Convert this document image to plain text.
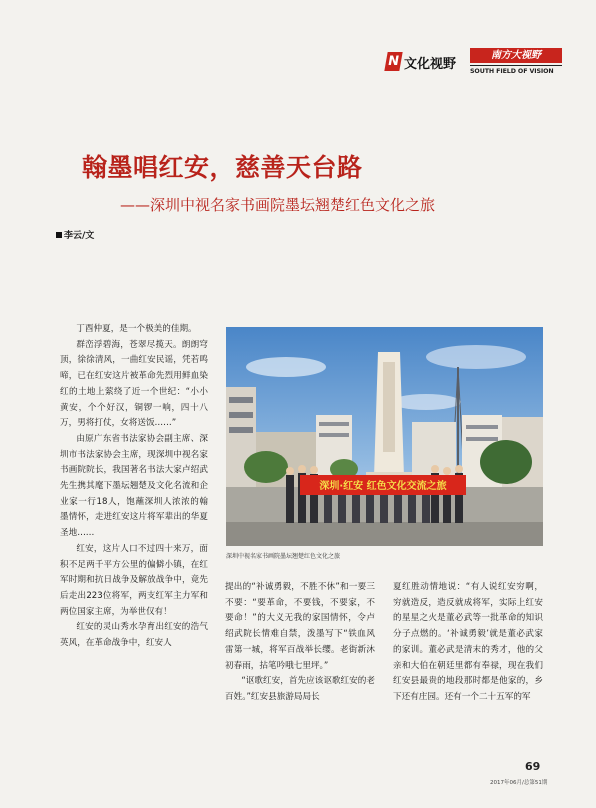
N 文化视野
南方大视野
SOUTH FIELD OF VISION
翰墨唱红安，慈善天台路
——深圳中视名家书画院墨坛翘楚红色文化之旅
李云/文

丁酉仲夏，是一个极美的佳期。

群峦浮碧海，苍翠尽揽天。朗朗穹顶，徐徐清风，一曲红安民谣，凭若鸣啼，已在红安这片被革命先烈用鲜血染红的土地上萦绕了近一个世纪：“小小黄安，个个好汉，铜锣一响，四十八万，男将打仗，女将送饭……”

由原广东省书法家协会副主席、深圳市书法家协会主席，现深圳中视名家书画院院长，我国著名书法大家卢绍武先生携其麾下墨坛翘楚及文化名流和企业家一行18人，饱蘸深圳人浓浓的翰墨情怀，走进红安这片将军辈出的华夏圣地……

红安，这片人口不过四十来万，面积不足两千平方公里的偏僻小镇，在红军时期和抗日战争及解放战争中，竟先后走出223位将军，两支红军主力军和两位国家主席，为举世仅有！

红安的灵山秀水孕育出红安的浩气英风，在革命战争中，红安人

深圳·红安 红色文化交流之旅
深圳中视名家书画院墨坛翘楚红色文化之旅

提出的“补诚勇毅，不胜不休”和一要三不要：“要革命，不要钱，不要家，不要命！”的大义无我的家国情怀，令卢绍武院长情难自禁，泼墨写下“铁血风雷第一城，将军百战举长缨。老街新沐初春雨，拈笔吟哦七里坪。”

“讴歌红安，首先应该讴歌红安的老百姓。”红安县旅游局局长

夏红胜动情地说：“有人说红安穷啊，穷就造反，造反就成将军，实际上红安的星星之火是董必武等一批革命的知识分子点燃的。‘补诚勇毅’就是董必武家的家训。董必武是清末的秀才，他的父亲和大伯在朝廷里都有奉禄，现在我们红安县最贵的地段那时都是他家的，乡下还有庄园。还有一个二十五军的军

69
2017年06月/总第51期
